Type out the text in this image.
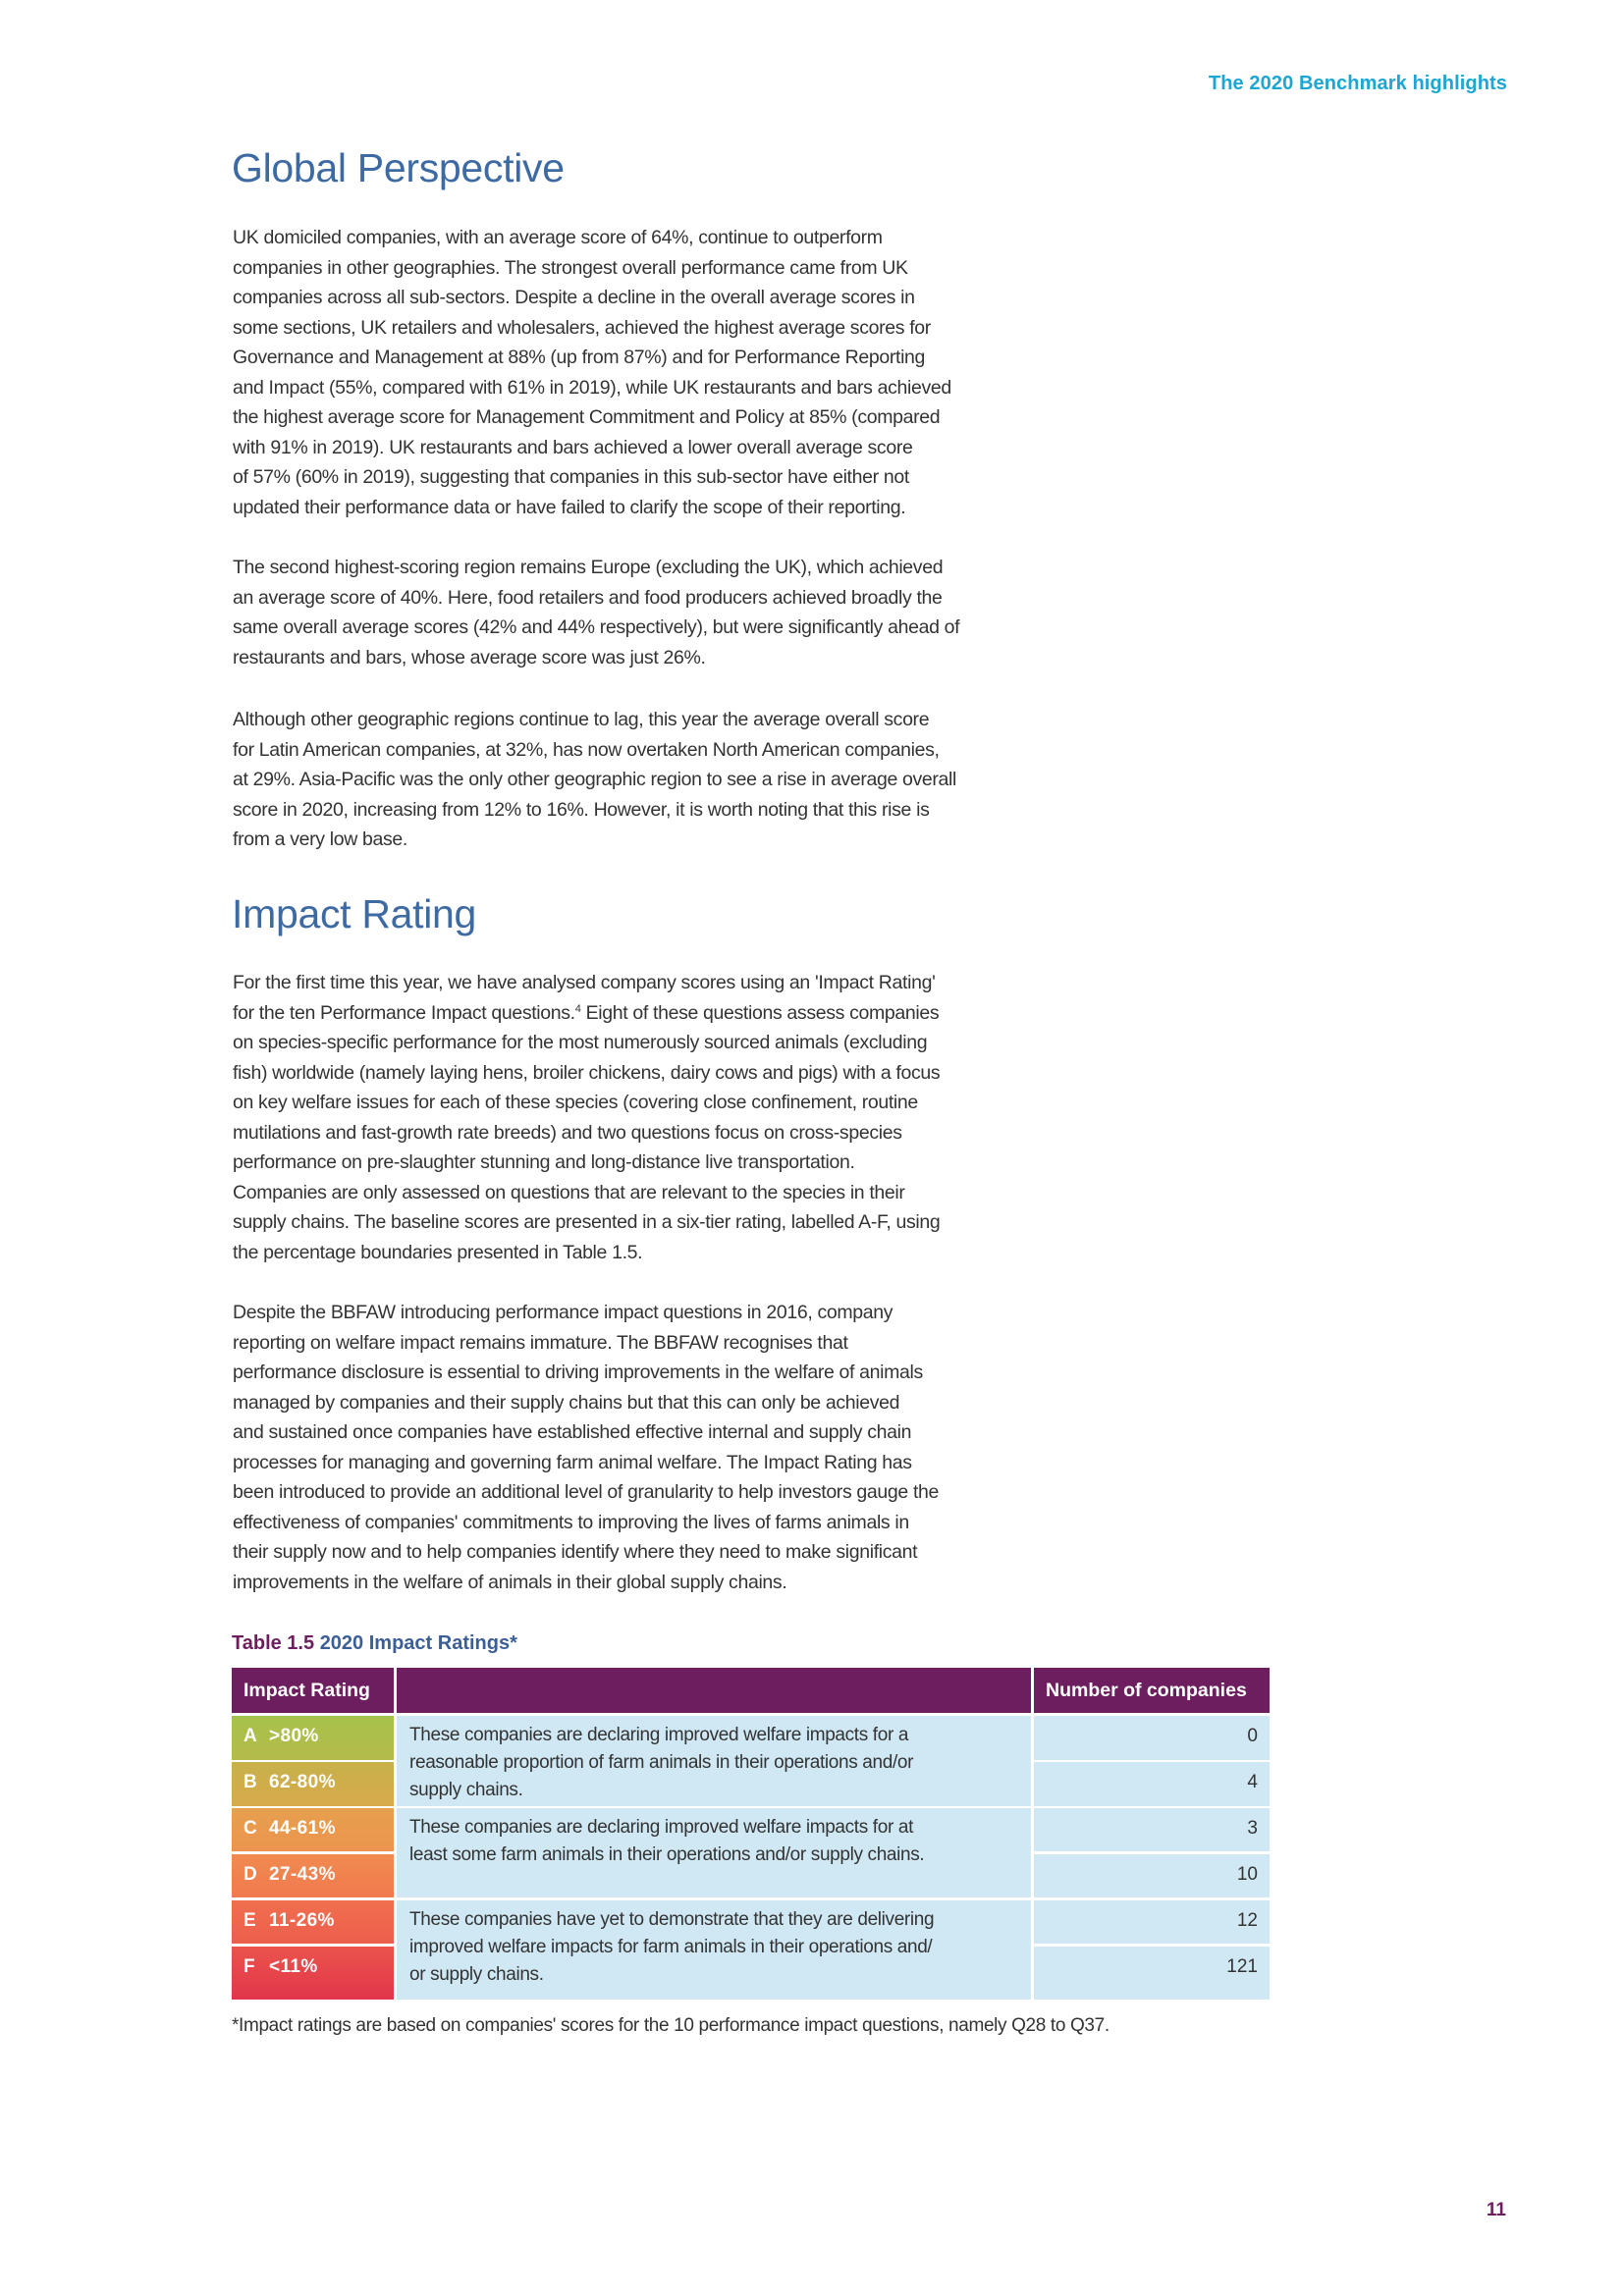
The 2020 Benchmark highlights
Global Perspective
UK domiciled companies, with an average score of 64%, continue to outperform
companies in other geographies. The strongest overall performance came from UK
companies across all sub-sectors. Despite a decline in the overall average scores in
some sections, UK retailers and wholesalers, achieved the highest average scores for
Governance and Management at 88% (up from 87%) and for Performance Reporting
and Impact (55%, compared with 61% in 2019), while UK restaurants and bars achieved
the highest average score for Management Commitment and Policy at 85% (compared
with 91% in 2019). UK restaurants and bars achieved a lower overall average score
of 57% (60% in 2019), suggesting that companies in this sub-sector have either not
updated their performance data or have failed to clarify the scope of their reporting.
The second highest-scoring region remains Europe (excluding the UK), which achieved
an average score of 40%. Here, food retailers and food producers achieved broadly the
same overall average scores (42% and 44% respectively), but were significantly ahead of
restaurants and bars, whose average score was just 26%.
Although other geographic regions continue to lag, this year the average overall score
for Latin American companies, at 32%, has now overtaken North American companies,
at 29%. Asia-Pacific was the only other geographic region to see a rise in average overall
score in 2020, increasing from 12% to 16%. However, it is worth noting that this rise is
from a very low base.
Impact Rating
For the first time this year, we have analysed company scores using an 'Impact Rating'
for the ten Performance Impact questions.$^4$ Eight of these questions assess companies
on species-specific performance for the most numerously sourced animals (excluding
fish) worldwide (namely laying hens, broiler chickens, dairy cows and pigs) with a focus
on key welfare issues for each of these species (covering close confinement, routine
mutilations and fast-growth rate breeds) and two questions focus on cross-species
performance on pre-slaughter stunning and long-distance live transportation.
Companies are only assessed on questions that are relevant to the species in their
supply chains. The baseline scores are presented in a six-tier rating, labelled A-F, using
the percentage boundaries presented in Table 1.5.
Despite the BBFAW introducing performance impact questions in 2016, company
reporting on welfare impact remains immature. The BBFAW recognises that
performance disclosure is essential to driving improvements in the welfare of animals
managed by companies and their supply chains but that this can only be achieved
and sustained once companies have established effective internal and supply chain
processes for managing and governing farm animal welfare. The Impact Rating has
been introduced to provide an additional level of granularity to help investors gauge the
effectiveness of companies' commitments to improving the lives of farms animals in
their supply now and to help companies identify where they need to make significant
improvements in the welfare of animals in their global supply chains.
Table 1.5 2020 Impact Ratings*
Impact Rating	Number of companies
A >80%
B 62-80%
C 44-61%
D 27-43%
E 11-26%
F <11%
These companies are declaring improved welfare impacts for a
reasonable proportion of farm animals in their operations and/or
supply chains.
These companies are declaring improved welfare impacts for at
least some farm animals in their operations and/or supply chains.
These companies have yet to demonstrate that they are delivering
improved welfare impacts for farm animals in their operations and/
or supply chains.
0
4
3
10
12
121
*Impact ratings are based on companies' scores for the 10 performance impact questions, namely Q28 to Q37.
11
